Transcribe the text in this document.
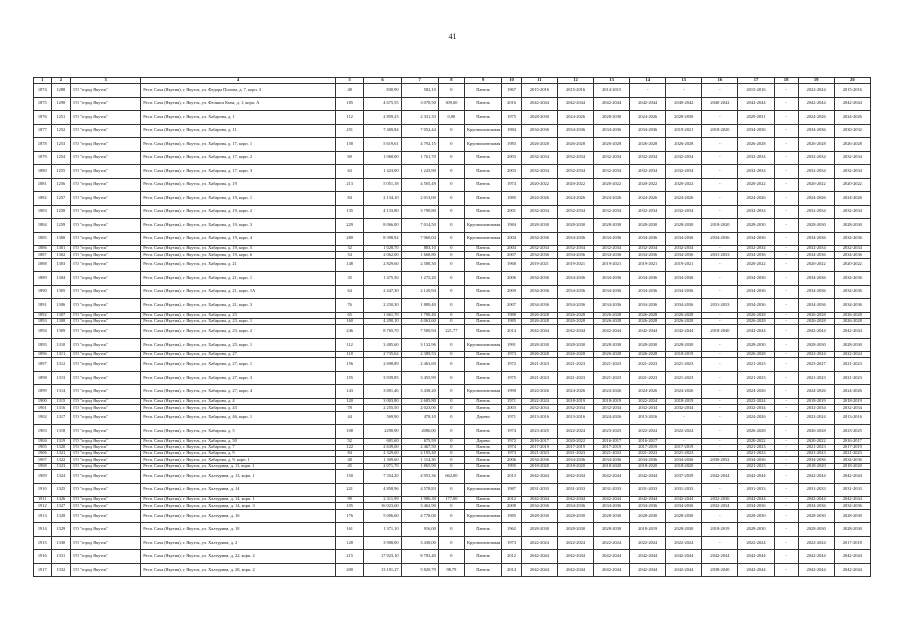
41
1	2	3	4	5	6	7	8	9	10	11	12	13	14	15	16	17	18	19	20
1874	1288	ГО "город Якутск"	Респ. Саха (Якутия), г. Якутск, ул. Федора Попова, д. 7, корп. 3	48	830,90	582,10	0	Панель	1967	2015-2016	2015-2016	2014-2015	-	-	-	2015-2016	-	2022-2024	2015-2016
1875	1290	ГО "город Якутск"	Респ. Саха (Якутия), г. Якутск, ул. Феликса Кона, д. 1, корп. А	185	4 675,55	3 078,50	309,60	Панель	2016	2042-2044	2042-2044	2042-2044	2042-2044	2040-2042	2040-2042	2042-2044	-	2042-2044	2042-2044
1876	1251	ГО "город Якутск"	Респ. Саха (Якутия), г. Якутск, ул. Хабарова, д. 1	112	2 859,23	2 331,33	0,00	Панель	1975	2028-2030	2024-2026	2028-2030	2024-2026	2028-2030	-	2029-2031	-	2024-2026	2024-2026
1877	1252	ГО "город Якутск"	Респ. Саха (Якутия), г. Якутск, ул. Хабарова, д. 11	251	7 469,84	7 052,44	0	Крупнопанельная	1984	2034-2036	2034-2036	2034-2036	2034-2036	2019-2021	2018-2020	2034-2036	-	2034-2036	2030-2032
1878	1253	ГО "город Якутск"	Респ. Саха (Якутия), г. Якутск, ул. Хабарова, д. 17, корп. 1	158	5 619,61	4 792,15	0	Крупнопанельная	1983	2026-2028	2026-2028	2026-2028	2026-2028	2026-2028	-	2026-2028	-	2026-2028	2026-2028
1879	1254	ГО "город Якутск"	Респ. Саха (Якутия), г. Якутск, ул. Хабарова, д. 17, корп. 2	69	1 068,00	1 761,70	0	Панель	2003	2032-2034	2032-2034	2032-2034	2032-2034	2032-2034	-	2032-2034	-	2032-2034	2032-2034
1880	1255	ГО "город Якутск"	Респ. Саха (Якутия), г. Якутск, ул. Хабарова, д. 17, корп. 3	63	1 423,00	1 243,90	0	Панель	2003	2032-2034	2032-2034	2032-2034	2032-2034	2032-2034	-	2032-2034	-	2032-2034	2032-2034
1881	1256	ГО "город Якутск"	Респ. Саха (Якутия), г. Якутск, ул. Хабарова, д. 19	213	5 051,18	4 505,49	0	Панель	1974	2020-2022	2020-2022	2020-2022	2020-2022	2020-2022	-	2020-2022	-	2020-2022	2020-2022
1882	1257	ГО "город Якутск"	Респ. Саха (Якутия), г. Якутск, ул. Хабарова, д. 19, корп. 1	84	2 134,10	2 013,00	0	Панель	1985	2024-2026	2024-2026	2024-2026	2024-2026	2024-2026	-	2024-2026	-	2024-2026	2024-2026
1883	1258	ГО "город Якутск"	Респ. Саха (Якутия), г. Якутск, ул. Хабарова, д. 19, корп. 2	135	4 133,80	3 790,80	0	Панель	2001	2032-2034	2032-2034	2032-2034	2032-2034	2032-2034	-	2032-2034	-	2032-2034	2032-2034
1884	1259	ГО "город Якутск"	Респ. Саха (Якутия), г. Якутск, ул. Хабарова, д. 19, корп. 3	229	8 066,00	7 014,50	0	Крупнопанельная	1984	2028-2030	2028-2030	2028-2030	2028-2030	2028-2030	2018-2020	2028-2030	-	2028-2030	2028-2030
1885	1300	ГО "город Якутск"	Респ. Саха (Якутия), г. Якутск, ул. Хабарова, д. 19, корп. 4	280	8 398,92	7 060,04	0	Крупнопанельная	2004	2034-2036	2034-2036	2034-2036	2034-2036	2034-2036	2034-2036	2034-2036	-	2034-2036	2034-2036
1886	1301	ГО "город Якутск"	Респ. Саха (Якутия), г. Якутск, ул. Хабарова, д. 19, корп. 5	32	1 028,70	883,10	0	Панель	2004	2032-2034	2032-2034	2032-2034	2032-2034	2032-2034	-	2032-2034	-	2032-2034	2032-2034
1887	1302	ГО "город Якутск"	Респ. Саха (Якутия), г. Якутск, ул. Хабарова, д. 19, корп. 6	54	2 062,00	1 668,80	0	Панель	2007	2034-2036	2034-2036	2034-2036	2034-2036	2034-2036	2031-2033	2034-2036	-	2034-2036	2034-2036
1888	1303	ГО "город Якутск"	Респ. Саха (Якутия), г. Якутск, ул. Хабарова, д. 21	148	2 829,60	2 588,30	0	Панель	1968	2019-2021	2019-2021	2019-2021	2019-2021	2019-2021	-	2020-2022	-	2020-2022	2020-2022
1889	1304	ГО "город Якутск"	Респ. Саха (Якутия), г. Якутск, ул. Хабарова, д. 21, корп. 1	35	1 475,50	1 275,20	0	Панель	2006	2034-2036	2034-2036	2034-2036	2034-2036	2034-2036	-	2034-2036	-	2034-2036	2034-2036
1890	1305	ГО "город Якутск"	Респ. Саха (Якутия), г. Якутск, ул. Хабарова, д. 21, корп. 1А	64	2 447,30	2 120,94	0	Панель	2009	2034-2036	2034-2036	2034-2036	2034-2036	2034-2036	-	2034-2036	-	2034-2036	2034-2036
1891	1306	ГО "город Якутск"	Респ. Саха (Якутия), г. Якутск, ул. Хабарова, д. 21, корп. 3	76	2 250,30	1 889,40	0	Панель	2007	2034-2036	2034-2036	2034-2036	2034-2036	2034-2036	2031-2033	2034-2036	-	2034-2036	2034-2036
1892	1307	ГО "город Якутск"	Респ. Саха (Якутия), г. Якутск, ул. Хабарова, д. 23	65	1 661,70	1 790,40	0	Панель	1988	2026-2028	2026-2028	2026-2028	2026-2028	2026-2028	-	2026-2028	-	2026-2028	2026-2028
1893	1308	ГО "город Якутск"	Респ. Саха (Якутия), г. Якутск, ул. Хабарова, д. 23, корп. 1	160	4 290,10	4 063,60	0	Панель	1985	2026-2028	2026-2028	2026-2028	2026-2028	2026-2028	-	2026-2028	-	2026-2028	2026-2028
1894	1309	ГО "город Якутск"	Респ. Саха (Якутия), г. Якутск, ул. Хабарова, д. 23, корп. 2	246	8 765,70	7 580,94	221,77	Панель	2014	2042-2044	2042-2044	2042-2044	2042-2044	2042-2044	2018-2040	2042-2044	-	2042-2044	2042-2044
1895	1310	ГО "город Якутск"	Респ. Саха (Якутия), г. Якутск, ул. Хабарова, д. 25, корп. 1	112	3 485,60	3 132,96	0	Крупнопанельная	1991	2028-2030	2028-2030	2028-2030	2028-2030	2028-2030	-	2028-2030	-	2028-2030	2028-2030
1896	1311	ГО "город Якутск"	Респ. Саха (Якутия), г. Якутск, ул. Хабарова, д. 27	118	2 735,62	2 389,53	0	Панель	1973	2026-2028	2026-2028	2026-2028	2026-2028	2018-2019	-	2026-2028	-	2022-2024	2022-2024
1897	1312	ГО "город Якутск"	Респ. Саха (Якутия), г. Якутск, ул. Хабарова, д. 27, корп. 1	156	2 698,89	2 463,69	0	Панель	1972	2021-2023	2021-2023	2021-2023	2021-2023	2021-2023	-	2021-2023	-	2025-2027	2021-2023
1898	1313	ГО "город Якутск"	Респ. Саха (Якутия), г. Якутск, ул. Хабарова, д. 27, корп. 3	155	3 939,85	3 455,99	0	Панель	1975	2021-2023	2021-2023	2021-2023	2021-2023	2021-2023	-	2021-2023	-	2021-2023	2021-2023
1899	1314	ГО "город Якутск"	Респ. Саха (Якутия), г. Якутск, ул. Хабарова, д. 27, корп. 4	143	3 801,46	3 438,20	0	Крупнопанельная	1990	2024-2026	2024-2026	2024-2026	2024-2026	2024-2026	-	2024-2026	-	2024-2026	2024-2026
1900	1315	ГО "город Якутск"	Респ. Саха (Якутия), г. Якутск, ул. Хабарова, д. 4	120	3 003,80	2 685,80	0	Панель	1971	2022-2024	2018-2019	2018-2019	2022-2024	2018-2019	-	2022-2024	-	2018-2019	2018-2019
1901	1316	ГО "город Якутск"	Респ. Саха (Якутия), г. Якутск, ул. Хабарова, д. 43	78	2 255,50	2 023,00	0	Панель	2003	2032-2034	2032-2034	2032-2034	2032-2034	2032-2034	-	2032-2034	-	2032-2034	2032-2034
1902	1317	ГО "город Якутск"	Респ. Саха (Якутия), г. Якутск, ул. Хабарова, д. 46, корп. 1	44	569,90	478,10	0	Дерево	1971	2013-2016	2013-2016	2024-2026	2013-2016	-	-	2024-2026	-	2022-2024	2013-2016
1903	1318	ГО "город Якутск"	Респ. Саха (Якутия), г. Якутск, ул. Хабарова, д. 5	108	2290,90	2086,00	0	Панель	1974	2023-2025	2022-2024	2023-2025	2022-2024	2022-2024	-	2026-2028	-	2026-2028	2023-2025
1904	1319	ГО "город Якутск"	Респ. Саха (Якутия), г. Якутск, ул. Хабарова, д. 50	52	681,60	675,59	0	Дерево	1972	2016-2017	2020-2022	2016-2017	2016-2017	-	-	2020-2022	-	2020-2022	2016-2017
1905	1320	ГО "город Якутск"	Респ. Саха (Якутия), г. Якутск, ул. Хабарова, д. 7	122	2 639,00	2 467,50	0	Панель	1974	2017-2019	2017-2019	2017-2019	2017-2019	2017-2019	-	2021-2023	-	2021-2023	2017-2019
1906	1321	ГО "город Якутск"	Респ. Саха (Якутия), г. Якутск, ул. Хабарова, д. 9	84	2 329,60	2 195,40	0	Панель	1973	2021-2023	2021-2023	2021-2023	2021-2023	2021-2023	-	2021-2023	-	2021-2023	2021-2023
1907	1322	ГО "город Якутск"	Респ. Саха (Якутия), г. Якутск, ул. Хабарова, д. 9, корп. 1	48	1 309,60	1 114,30	0	Панель	2006	2034-2036	2034-2036	2034-2036	2034-2036	2034-2036	2030-2032	2034-2036	-	2034-2036	2034-2036
1908	1323	ГО "город Якутск"	Респ. Саха (Якутия), г. Якутск, ул. Халтурина, д. 11, корп. 1	45	2 071,70	1 865,90	0	Панель	1995	2018-2020	2018-2020	2018-2020	2018-2020	2018-2020	-	2021-2023	-	2018-2020	2018-2020
1909	1324	ГО "город Якутск"	Респ. Саха (Якутия), г. Якутск, ул. Халтурина, д. 13, корп. 1	150	7 354,20	4 953,36	662,00	Панель	2013	2042-2044	2042-2044	2042-2044	2042-2044	2037-2039	2042-2044	2042-2044	-	2042-2044	2042-2044
1910	1325	ГО "город Якутск"	Респ. Саха (Якутия), г. Якутск, ул. Халтурина, д. 14	221	4 858,96	4 578,83	0	Крупнопанельная	1987	2031-2033	2031-2033	2031-2033	2031-2033	2031-2033	-	2031-2033	-	2031-2033	2031-2033
1911	1326	ГО "город Якутск"	Респ. Саха (Якутия), г. Якутск, ул. Халтурина, д. 14, корп. 1	99	2 311,99	1 986,39	177,00	Панель	2012	2042-2044	2042-2044	2042-2044	2042-2044	2042-2044	2032-2036	2042-2044	-	2042-2044	2042-2044
1912	1327	ГО "город Якутск"	Респ. Саха (Якутия), г. Якутск, ул. Халтурина, д. 14, корп. 3	105	16 023,60	3 462,90	0	Панель	2008	2034-2036	2034-2036	2034-2036	2034-2036	2034-2036	2032-2034	2034-2036	-	2034-2036	2034-2036
1913	1328	ГО "город Якутск"	Респ. Саха (Якутия), г. Якутск, ул. Халтурина, д. 16	176	5 006,60	4 778,00	0	Крупнопанельная	1985	2028-2030	2028-2030	2028-2030	2028-2030	2028-2030	-	2028-2030	-	2028-2030	2028-2030
1914	1329	ГО "город Якутск"	Респ. Саха (Якутия), г. Якутск, ул. Халтурина, д. 18	161	1 371,10	916,00	0	Панель	1962	2028-2030	2028-2030	2028-2030	2018-2019	2028-2030	2018-2019	2028-2030	-	2028-2030	2028-2030
1915	1330	ГО "город Якутск"	Респ. Саха (Якутия), г. Якутск, ул. Халтурина, д. 2	128	3 908,00	3 438,00	0	Крупнопанельная	1973	2022-2024	2022-2024	2022-2024	2022-2024	2022-2024	-	2022-2024	-	2022-2024	2017-2018
1916	1331	ГО "город Якутск"	Респ. Саха (Якутия), г. Якутск, ул. Халтурина, д. 22, корп. 2	215	17 923,10	8 783,40	0	Панель	2012	2042-2044	2042-2044	2042-2044	2042-2044	2042-2044	2042-2044	2042-2044	-	2042-2044	2042-2044
1917	1332	ГО "город Якутск"	Респ. Саха (Якутия), г. Якутск, ул. Халтурина, д. 28, корп. 2	200	13 101,27	5 820,79	98,79	Панель	2014	2042-2044	2042-2044	2042-2044	2042-2044	2042-2044	2038-2040	2042-2044	-	2042-2044	2042-2044
